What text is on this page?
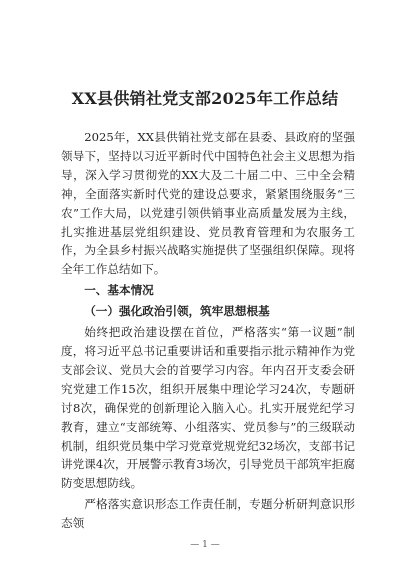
XX县供销社党支部2025年工作总结

2025年，XX县供销社党支部在县委、县政府的坚强领导下，坚持以习近平新时代中国特色社会主义思想为指导，深入学习贯彻党的XX大及二十届二中、三中全会精神，全面落实新时代党的建设总要求，紧紧围绕服务“三农”工作大局，以党建引领供销事业高质量发展为主线，扎实推进基层党组织建设、党员教育管理和为农服务工作，为全县乡村振兴战略实施提供了坚强组织保障。现将全年工作总结如下。

一、基本情况

（一）强化政治引领，筑牢思想根基

始终把政治建设摆在首位，严格落实“第一议题”制度，将习近平总书记重要讲话和重要指示批示精神作为党支部会议、党员大会的首要学习内容。年内召开支委会研究党建工作15次，组织开展集中理论学习24次，专题研讨8次，确保党的创新理论入脑入心。扎实开展党纪学习教育，建立“支部统筹、小组落实、党员参与”的三级联动机制，组织党员集中学习党章党规党纪32场次，支部书记讲党课4次，开展警示教育3场次，引导党员干部筑牢拒腐防变思想防线。

严格落实意识形态工作责任制，专题分析研判意识形态领

— 1 —
